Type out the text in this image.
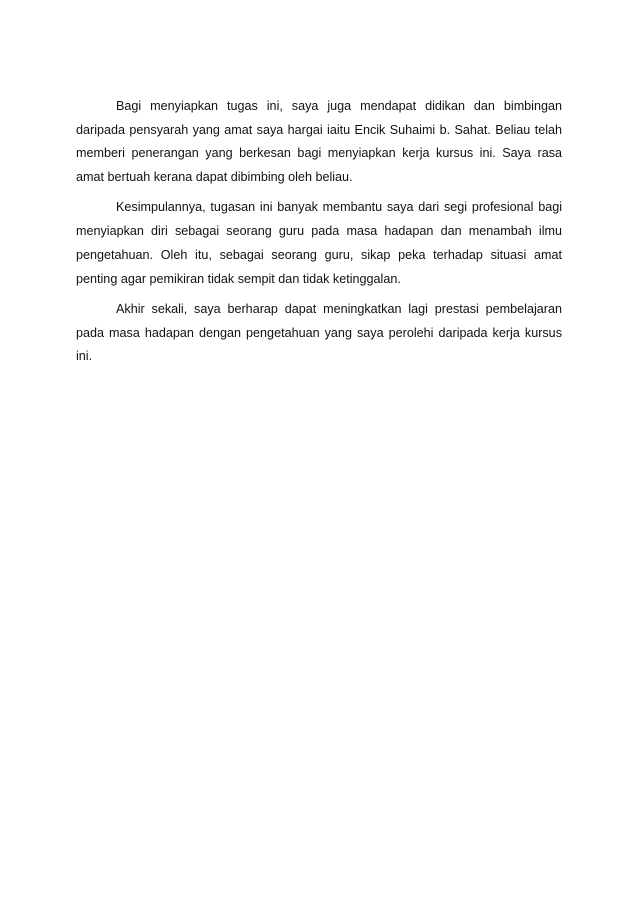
Bagi menyiapkan tugas ini, saya juga mendapat didikan dan bimbingan daripada pensyarah yang amat saya hargai iaitu Encik Suhaimi b. Sahat. Beliau telah memberi penerangan yang berkesan bagi menyiapkan kerja kursus ini. Saya rasa amat bertuah kerana dapat dibimbing oleh beliau.

Kesimpulannya, tugasan ini banyak membantu saya dari segi profesional bagi menyiapkan diri sebagai seorang guru pada masa hadapan dan menambah ilmu pengetahuan. Oleh itu, sebagai seorang guru, sikap peka terhadap situasi amat penting agar pemikiran tidak sempit dan tidak ketinggalan.

Akhir sekali, saya berharap dapat meningkatkan lagi prestasi pembelajaran pada masa hadapan dengan pengetahuan yang saya perolehi daripada kerja kursus ini.
